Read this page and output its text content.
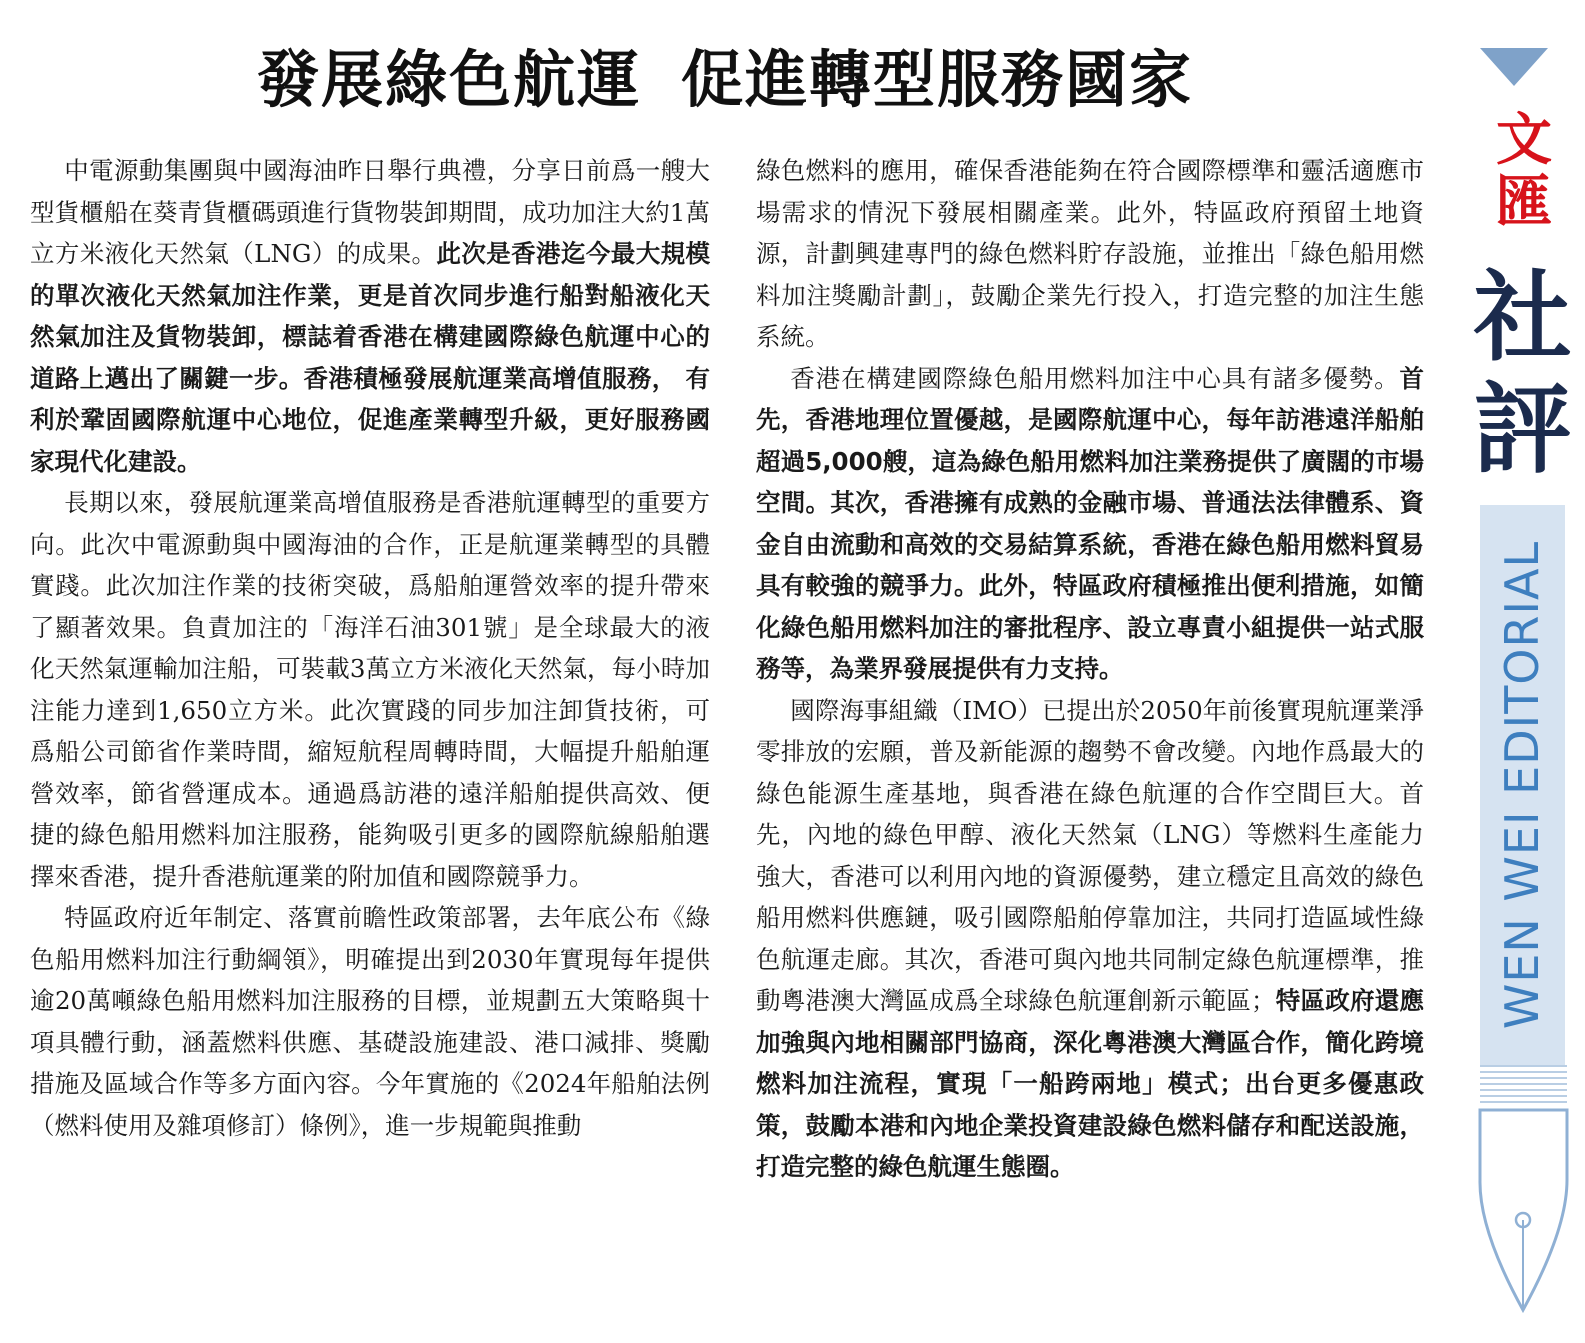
發展綠色航運 促進轉型服務國家

中電源動集團與中國海油昨日舉行典禮，分享日前爲一艘大型貨櫃船在葵青貨櫃碼頭進行貨物裝卸期間，成功加注大約1萬立方米液化天然氣（LNG）的成果。此次是香港迄今最大規模的單次液化天然氣加注作業，更是首次同步進行船對船液化天然氣加注及貨物裝卸，標誌着香港在構建國際綠色航運中心的道路上邁出了關鍵一步。香港積極發展航運業高增值服務， 有利於鞏固國際航運中心地位，促進產業轉型升級，更好服務國家現代化建設。

長期以來，發展航運業高增值服務是香港航運轉型的重要方向。此次中電源動與中國海油的合作，正是航運業轉型的具體實踐。此次加注作業的技術突破，爲船舶運營效率的提升帶來了顯著效果。負責加注的「海洋石油301號」是全球最大的液化天然氣運輸加注船，可裝載3萬立方米液化天然氣，每小時加注能力達到1,650立方米。此次實踐的同步加注卸貨技術，可爲船公司節省作業時間，縮短航程周轉時間，大幅提升船舶運營效率，節省營運成本。通過爲訪港的遠洋船舶提供高效、便捷的綠色船用燃料加注服務，能夠吸引更多的國際航線船舶選擇來香港，提升香港航運業的附加值和國際競爭力。

特區政府近年制定、落實前瞻性政策部署，去年底公布《綠色船用燃料加注行動綱領》，明確提出到2030年實現每年提供逾20萬噸綠色船用燃料加注服務的目標，並規劃五大策略與十項具體行動，涵蓋燃料供應、基礎設施建設、港口減排、獎勵措施及區域合作等多方面內容。今年實施的《2024年船舶法例（燃料使用及雜項修訂）條例》，進一步規範與推動

綠色燃料的應用，確保香港能夠在符合國際標準和靈活適應市場需求的情況下發展相關產業。此外，特區政府預留土地資源，計劃興建專門的綠色燃料貯存設施，並推出「綠色船用燃料加注獎勵計劃」，鼓勵企業先行投入，打造完整的加注生態系統。

香港在構建國際綠色船用燃料加注中心具有諸多優勢。首先，香港地理位置優越，是國際航運中心，每年訪港遠洋船舶超過5,000艘，這為綠色船用燃料加注業務提供了廣闊的市場空間。其次，香港擁有成熟的金融市場、普通法法律體系、資金自由流動和高效的交易結算系統，香港在綠色船用燃料貿易具有較強的競爭力。此外，特區政府積極推出便利措施，如簡化綠色船用燃料加注的審批程序、設立專責小組提供一站式服務等，為業界發展提供有力支持。

國際海事組織（IMO）已提出於2050年前後實現航運業淨零排放的宏願，普及新能源的趨勢不會改變。內地作爲最大的綠色能源生產基地，與香港在綠色航運的合作空間巨大。首先，內地的綠色甲醇、液化天然氣（LNG）等燃料生產能力強大，香港可以利用內地的資源優勢，建立穩定且高效的綠色船用燃料供應鏈，吸引國際船舶停靠加注，共同打造區域性綠色航運走廊。其次，香港可與內地共同制定綠色航運標準，推動粵港澳大灣區成爲全球綠色航運創新示範區；特區政府還應加強與內地相關部門協商，深化粵港澳大灣區合作，簡化跨境燃料加注流程，實現「一船跨兩地」模式；出台更多優惠政策，鼓勵本港和內地企業投資建設綠色燃料儲存和配送設施，打造完整的綠色航運生態圈。

文
匯
社
評
WEN WEI EDITORIAL
